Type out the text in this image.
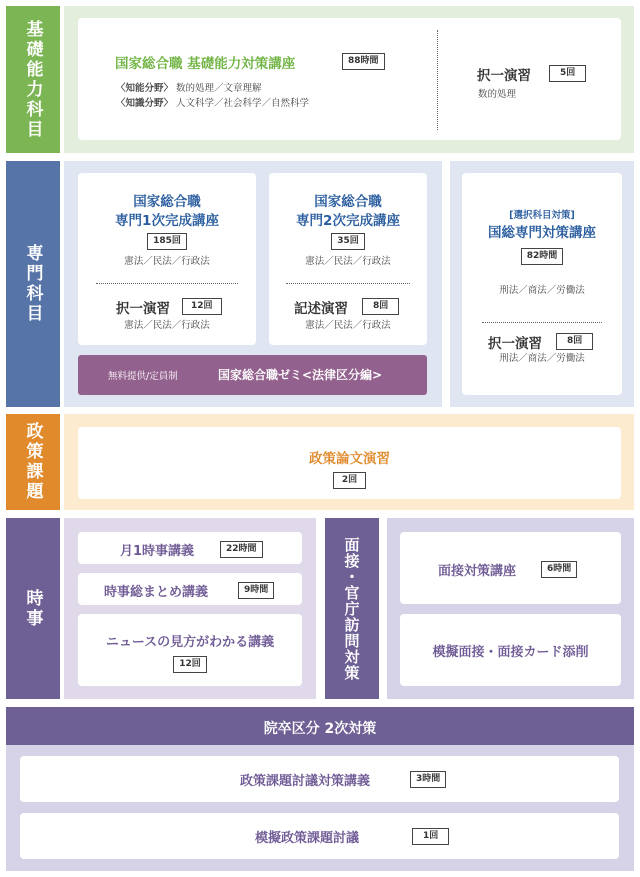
基礎能力科目	国家総合職 基礎能力対策講座	88時間
〈知能分野〉 数的処理／文章理解
〈知識分野〉 人文科学／社会科学／自然科学
択一演習	5回
数的処理
専門科目
国家総合職
専門1次完成講座
185回
憲法／民法／行政法
択一演習	12回
憲法／民法／行政法
国家総合職
専門2次完成講座
35回
憲法／民法／行政法
記述演習	8回
憲法／民法／行政法
無料提供/定員制	国家総合職ゼミ<法律区分編>
[選択科目対策]
国総専門対策講座
82時間
刑法／商法／労働法
択一演習	8回
刑法／商法／労働法
政策課題	政策論文演習
2回
時事
月1時事講義	22時間
時事総まとめ講義	9時間
ニュースの見方がわかる講義
12回	面接・官庁訪問対策	面接対策講座	6時間
模擬面接・面接カード添削
院卒区分 2次対策
政策課題討議対策講義	3時間
模擬政策課題討議	1回
